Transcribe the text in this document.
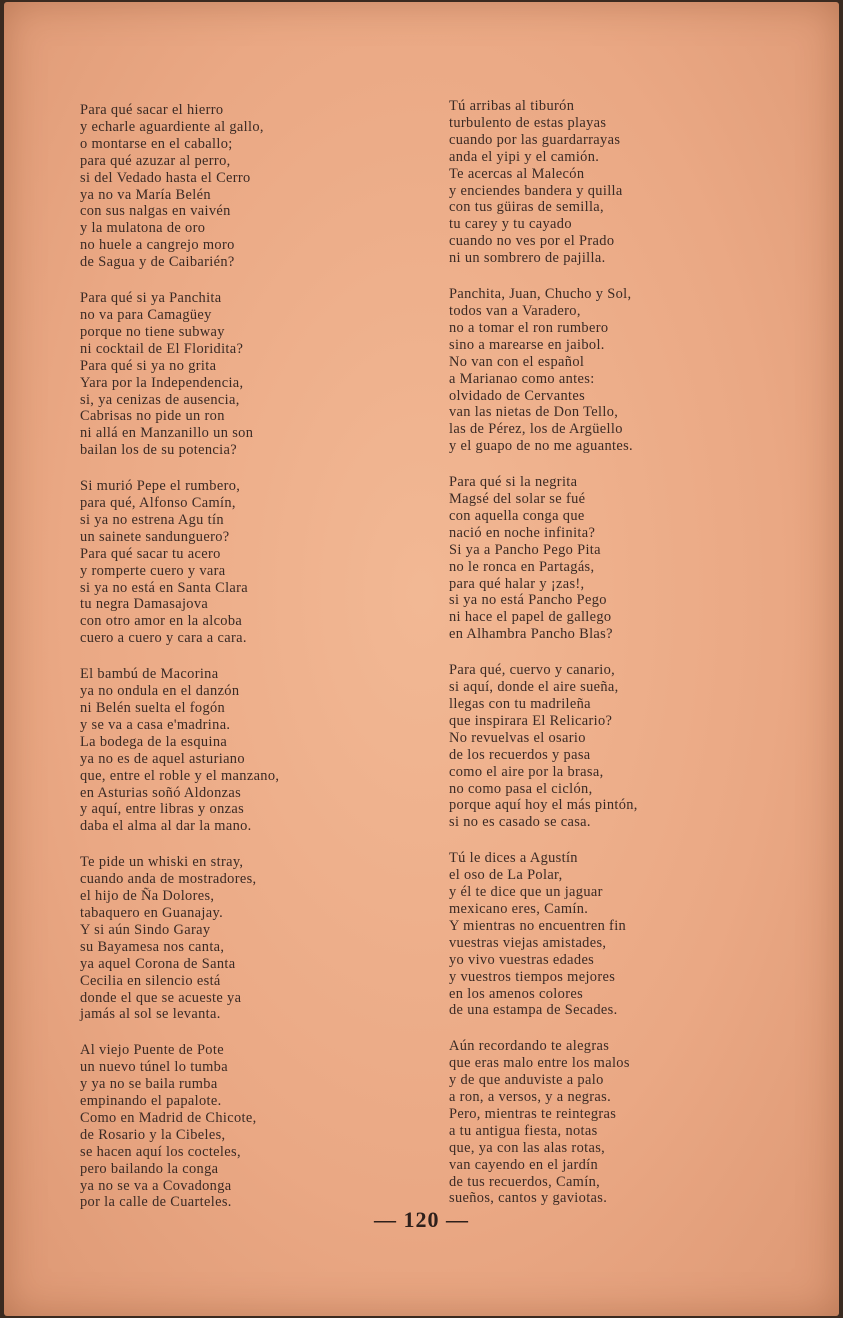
Para qué sacar el hierro
y echarle aguardiente al gallo,
o montarse en el caballo;
para qué azuzar al perro,
si del Vedado hasta el Cerro
ya no va María Belén
con sus nalgas en vaivén
y la mulatona de oro
no huele a cangrejo moro
de Sagua y de Caibarién?
Para qué si ya Panchita
no va para Camagüey
porque no tiene subway
ni cocktail de El Floridita?
Para qué si ya no grita
Yara por la Independencia,
si, ya cenizas de ausencia,
Cabrisas no pide un ron
ni allá en Manzanillo un son
bailan los de su potencia?
Si murió Pepe el rumbero,
para qué, Alfonso Camín,
si ya no estrena Agu tín
un sainete sandunguero?
Para qué sacar tu acero
y romperte cuero y vara
si ya no está en Santa Clara
tu negra Damasajova
con otro amor en la alcoba
cuero a cuero y cara a cara.
El bambú de Macorina
ya no ondula en el danzón
ni Belén suelta el fogón
y se va a casa e'madrina.
La bodega de la esquina
ya no es de aquel asturiano
que, entre el roble y el manzano,
en Asturias soñó Aldonzas
y aquí, entre libras y onzas
daba el alma al dar la mano.
Te pide un whiski en stray,
cuando anda de mostradores,
el hijo de Ña Dolores,
tabaquero en Guanajay.
Y si aún Sindo Garay
su Bayamesa nos canta,
ya aquel Corona de Santa
Cecilia en silencio está
donde el que se acueste ya
jamás al sol se levanta.
Al viejo Puente de Pote
un nuevo túnel lo tumba
y ya no se baila rumba
empinando el papalote.
Como en Madrid de Chicote,
de Rosario y la Cibeles,
se hacen aquí los cocteles,
pero bailando la conga
ya no se va a Covadonga
por la calle de Cuarteles.
Tú arribas al tiburón
turbulento de estas playas
cuando por las guardarrayas
anda el yipi y el camión.
Te acercas al Malecón
y enciendes bandera y quilla
con tus güiras de semilla,
tu carey y tu cayado
cuando no ves por el Prado
ni un sombrero de pajilla.
Panchita, Juan, Chucho y Sol,
todos van a Varadero,
no a tomar el ron rumbero
sino a marearse en jaibol.
No van con el español
a Marianao como antes:
olvidado de Cervantes
van las nietas de Don Tello,
las de Pérez, los de Argüello
y el guapo de no me aguantes.
Para qué si la negrita
Magsé del solar se fué
con aquella conga que
nació en noche infinita?
Si ya a Pancho Pego Pita
no le ronca en Partagás,
para qué halar y ¡zas!,
si ya no está Pancho Pego
ni hace el papel de gallego
en Alhambra Pancho Blas?
Para qué, cuervo y canario,
si aquí, donde el aire sueña,
llegas con tu madrileña
que inspirara El Relicario?
No revuelvas el osario
de los recuerdos y pasa
como el aire por la brasa,
no como pasa el ciclón,
porque aquí hoy el más pintón,
si no es casado se casa.
Tú le dices a Agustín
el oso de La Polar,
y él te dice que un jaguar
mexicano eres, Camín.
Y mientras no encuentren fin
vuestras viejas amistades,
yo vivo vuestras edades
y vuestros tiempos mejores
en los amenos colores
de una estampa de Secades.
Aún recordando te alegras
que eras malo entre los malos
y de que anduviste a palo
a ron, a versos, y a negras.
Pero, mientras te reintegras
a tu antigua fiesta, notas
que, ya con las alas rotas,
van cayendo en el jardín
de tus recuerdos, Camín,
sueños, cantos y gaviotas.
— 120 —
